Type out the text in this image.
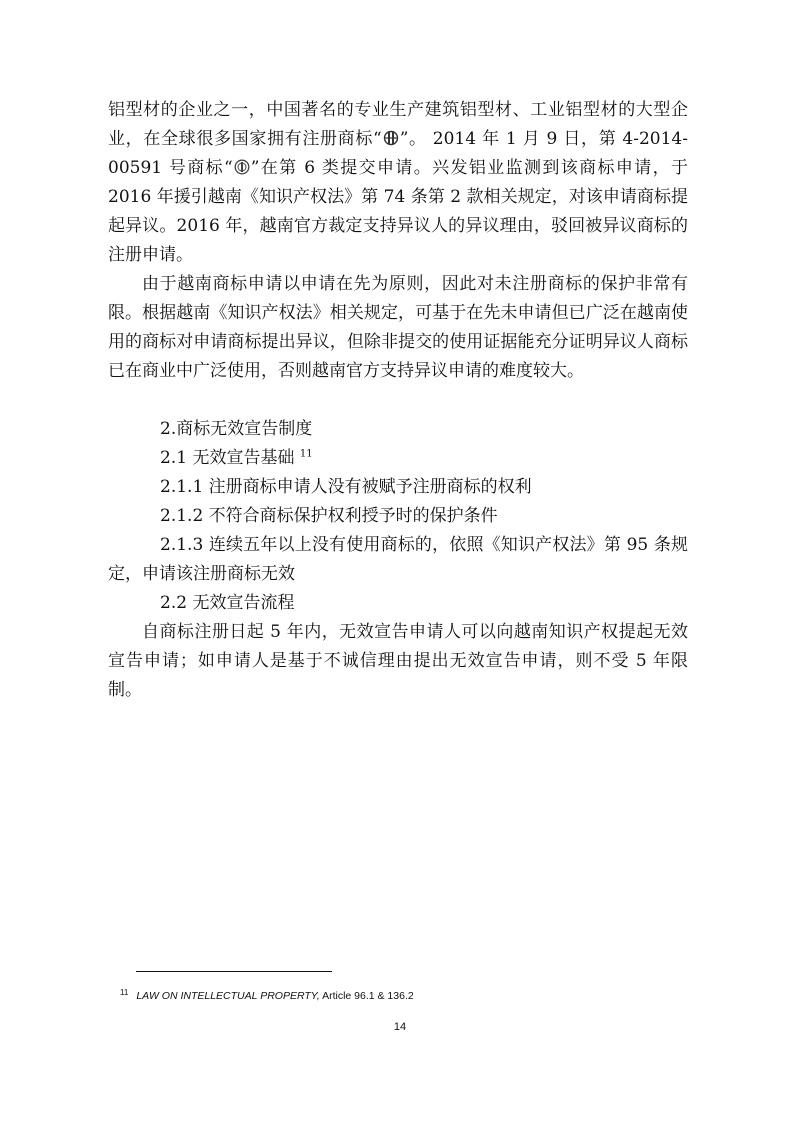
铝型材的企业之一，中国著名的专业生产建筑铝型材、工业铝型材的大型企业，在全球很多国家拥有注册商标“ ”。 2014 年 1 月 9 日，第 4-2014-00591 号商标“ ”在第 6 类提交申请。兴发铝业监测到该商标申请，于 2016 年援引越南《知识产权法》第 74 条第 2 款相关规定，对该申请商标提起异议。2016 年，越南官方裁定支持异议人的异议理由，驳回被异议商标的注册申请。

由于越南商标申请以申请在先为原则，因此对未注册商标的保护非常有限。根据越南《知识产权法》相关规定，可基于在先未申请但已广泛在越南使用的商标对申请商标提出异议，但除非提交的使用证据能充分证明异议人商标已在商业中广泛使用，否则越南官方支持异议申请的难度较大。

2.商标无效宣告制度

2.1 无效宣告基础 $^{11}$

2.1.1 注册商标申请人没有被赋予注册商标的权利

2.1.2 不符合商标保护权利授予时的保护条件

2.1.3 连续五年以上没有使用商标的，依照《知识产权法》第 95 条规定，申请该注册商标无效

2.2 无效宣告流程

自商标注册日起 5 年内，无效宣告申请人可以向越南知识产权提起无效宣告申请；如申请人是基于不诚信理由提出无效宣告申请，则不受 5 年限制。

$^{11}$ LAW ON INTELLECTUAL PROPERTY, Article 96.1 & 136.2
14
